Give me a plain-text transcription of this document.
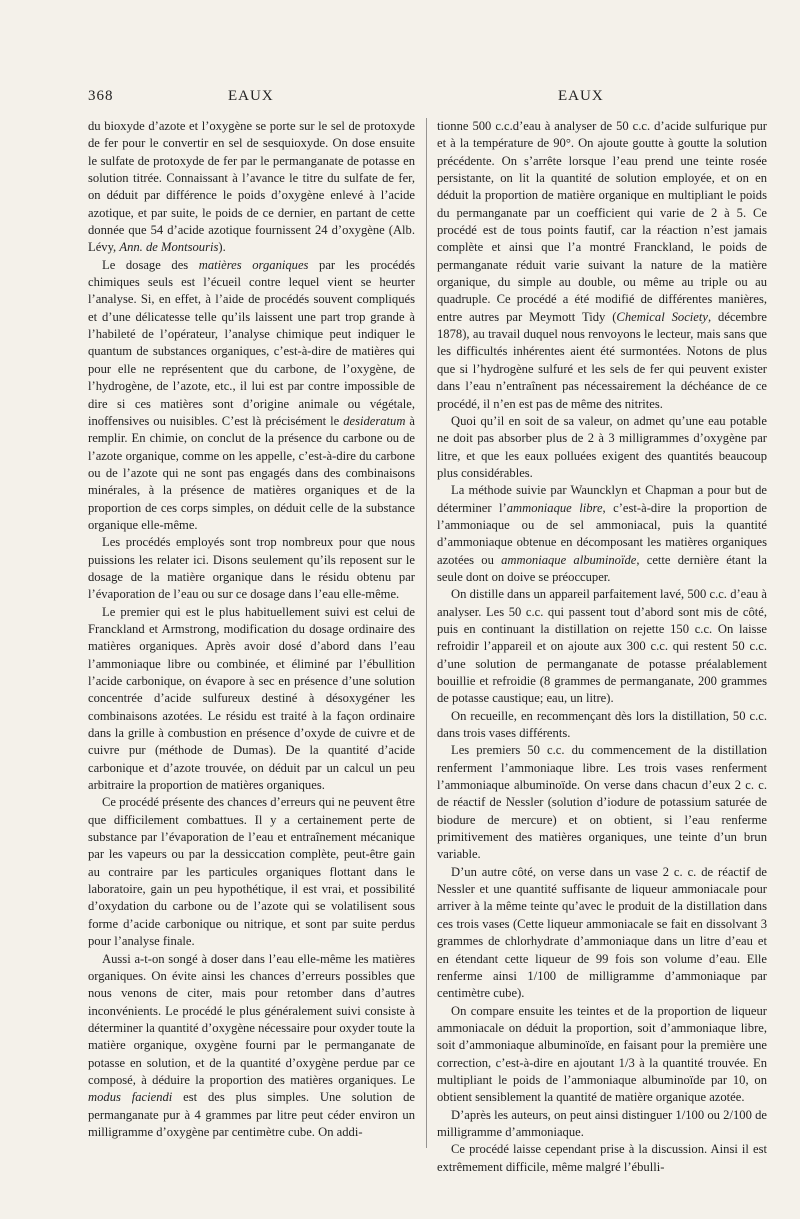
368	EAUX	EAUX

du bioxyde d’azote et l’oxygène se porte sur le sel de protoxyde de fer pour le convertir en sel de sesquioxyde. On dose ensuite le sulfate de protoxyde de fer par le permanganate de potasse en solution titrée. Connaissant à l’avance le titre du sulfate de fer, on déduit par différence le poids d’oxygène enlevé à l’acide azotique, et par suite, le poids de ce dernier, en partant de cette donnée que 54 d’acide azotique fournissent 24 d’oxygène (Alb. Lévy, Ann. de Montsouris).

Le dosage des matières organiques par les procédés chimiques seuls est l’écueil contre lequel vient se heurter l’analyse. Si, en effet, à l’aide de procédés souvent compliqués et d’une délicatesse telle qu’ils laissent une part trop grande à l’habileté de l’opérateur, l’analyse chimique peut indiquer le quantum de substances organiques, c’est-à-dire de matières qui pour elle ne représentent que du carbone, de l’oxygène, de l’hydrogène, de l’azote, etc., il lui est par contre impossible de dire si ces matières sont d’origine animale ou végétale, inoffensives ou nuisibles. C’est là précisément le desideratum à remplir. En chimie, on conclut de la présence du carbone ou de l’azote organique, comme on les appelle, c’est-à-dire du carbone ou de l’azote qui ne sont pas engagés dans des combinaisons minérales, à la présence de matières organiques et de la proportion de ces corps simples, on déduit celle de la substance organique elle-même.

Les procédés employés sont trop nombreux pour que nous puissions les relater ici. Disons seulement qu’ils reposent sur le dosage de la matière organique dans le résidu obtenu par l’évaporation de l’eau ou sur ce dosage dans l’eau elle-même.

Le premier qui est le plus habituellement suivi est celui de Franckland et Armstrong, modification du dosage ordinaire des matières organiques. Après avoir dosé d’abord dans l’eau l’ammoniaque libre ou combinée, et éliminé par l’ébullition l’acide carbonique, on évapore à sec en présence d’une solution concentrée d’acide sulfureux destiné à désoxygéner les combinaisons azotées. Le résidu est traité à la façon ordinaire dans la grille à combustion en présence d’oxyde de cuivre et de cuivre pur (méthode de Dumas). De la quantité d’acide carbonique et d’azote trouvée, on déduit par un calcul un peu arbitraire la proportion de matières organiques.

Ce procédé présente des chances d’erreurs qui ne peuvent être que difficilement combattues. Il y a certainement perte de substance par l’évaporation de l’eau et entraînement mécanique par les vapeurs ou par la dessiccation complète, peut-être gain au contraire par les particules organiques flottant dans le laboratoire, gain un peu hypothétique, il est vrai, et possibilité d’oxydation du carbone ou de l’azote qui se volatilisent sous forme d’acide carbonique ou nitrique, et sont par suite perdus pour l’analyse finale.

Aussi a-t-on songé à doser dans l’eau elle-même les matières organiques. On évite ainsi les chances d’erreurs possibles que nous venons de citer, mais pour retomber dans d’autres inconvénients. Le procédé le plus généralement suivi consiste à déterminer la quantité d’oxygène nécessaire pour oxyder toute la matière organique, oxygène fourni par le permanganate de potasse en solution, et de la quantité d’oxygène perdue par ce composé, à déduire la proportion des matières organiques. Le modus faciendi est des plus simples. Une solution de permanganate pur à 4 grammes par litre peut céder environ un milligramme d’oxygène par centimètre cube. On addi-

tionne 500 c.c.d’eau à analyser de 50 c.c. d’acide sulfurique pur et à la température de 90°. On ajoute goutte à goutte la solution précédente. On s’arrête lorsque l’eau prend une teinte rosée persistante, on lit la quantité de solution employée, et on en déduit la proportion de matière organique en multipliant le poids du permanganate par un coefficient qui varie de 2 à 5. Ce procédé est de tous points fautif, car la réaction n’est jamais complète et ainsi que l’a montré Franckland, le poids de permanganate réduit varie suivant la nature de la matière organique, du simple au double, ou même au triple ou au quadruple. Ce procédé a été modifié de différentes manières, entre autres par Meymott Tidy (Chemical Society, décembre 1878), au travail duquel nous renvoyons le lecteur, mais sans que les difficultés inhérentes aient été surmontées. Notons de plus que si l’hydrogène sulfuré et les sels de fer qui peuvent exister dans l’eau n’entraînent pas nécessairement la déchéance de ce procédé, il n’en est pas de même des nitrites.

Quoi qu’il en soit de sa valeur, on admet qu’une eau potable ne doit pas absorber plus de 2 à 3 milligrammes d’oxygène par litre, et que les eaux polluées exigent des quantités beaucoup plus considérables.

La méthode suivie par Wauncklyn et Chapman a pour but de déterminer l’ammoniaque libre, c’est-à-dire la proportion de l’ammoniaque ou de sel ammoniacal, puis la quantité d’ammoniaque obtenue en décomposant les matières organiques azotées ou ammoniaque albuminoïde, cette dernière étant la seule dont on doive se préoccuper.

On distille dans un appareil parfaitement lavé, 500 c.c. d’eau à analyser. Les 50 c.c. qui passent tout d’abord sont mis de côté, puis en continuant la distillation on rejette 150 c.c. On laisse refroidir l’appareil et on ajoute aux 300 c.c. qui restent 50 c.c. d’une solution de permanganate de potasse préalablement bouillie et refroidie (8 grammes de permanganate, 200 grammes de potasse caustique; eau, un litre).

On recueille, en recommençant dès lors la distillation, 50 c.c. dans trois vases différents.

Les premiers 50 c.c. du commencement de la distillation renferment l’ammoniaque libre. Les trois vases renferment l’ammoniaque albuminoïde. On verse dans chacun d’eux 2 c. c. de réactif de Nessler (solution d’iodure de potassium saturée de biodure de mercure) et on obtient, si l’eau renferme primitivement des matières organiques, une teinte d’un brun variable.

D’un autre côté, on verse dans un vase 2 c. c. de réactif de Nessler et une quantité suffisante de liqueur ammoniacale pour arriver à la même teinte qu’avec le produit de la distillation dans ces trois vases (Cette liqueur ammoniacale se fait en dissolvant 3 grammes de chlorhydrate d’ammoniaque dans un litre d’eau et en étendant cette liqueur de 99 fois son volume d’eau. Elle renferme ainsi 1/100 de milligramme d’ammoniaque par centimètre cube).

On compare ensuite les teintes et de la proportion de liqueur ammoniacale on déduit la proportion, soit d’ammoniaque libre, soit d’ammoniaque albuminoïde, en faisant pour la première une correction, c’est-à-dire en ajoutant 1/3 à la quantité trouvée. En multipliant le poids de l’ammoniaque albuminoïde par 10, on obtient sensiblement la quantité de matière organique azotée.

D’après les auteurs, on peut ainsi distinguer 1/100 ou 2/100 de milligramme d’ammoniaque.

Ce procédé laisse cependant prise à la discussion. Ainsi il est extrêmement difficile, même malgré l’ébulli-
